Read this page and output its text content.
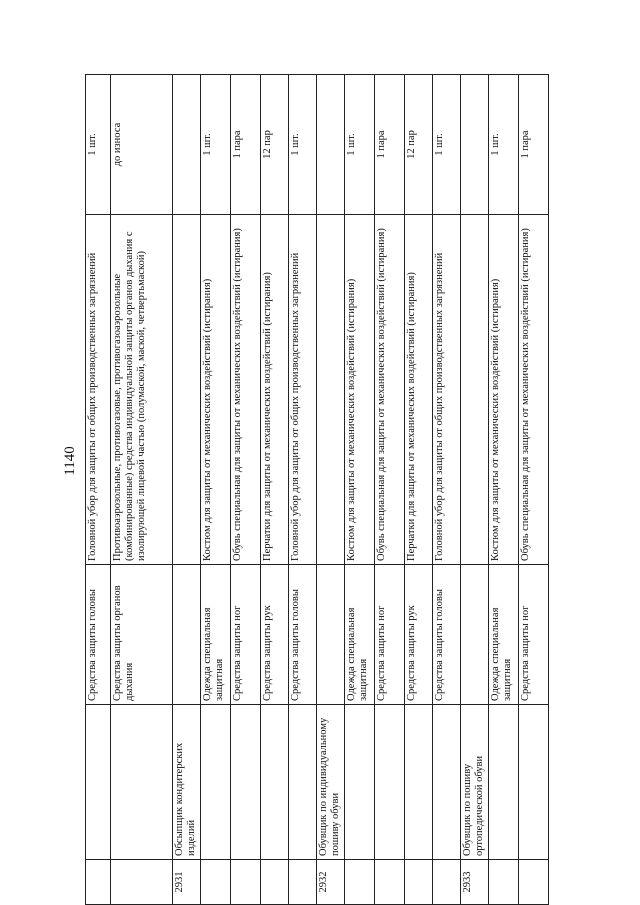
1140
		Средства защиты головы	Головной убор для защиты от общих производственных загрязнений	1 шт.
		Средства защиты органов дыхания	Противоаэрозольные, противогазовые, противогазоаэрозольные (комбинированные) средства индивидуальной защиты органов дыхания с изолирующей лицевой частью (полумаской, маской, четвертьмаской)	до износа
2931	Обсыпщик кондитерских изделий			
		Одежда специальная защитная	Костюм для защиты от механических воздействий (истирания)	1 шт.
		Средства защиты ног	Обувь специальная для защиты от механических воздействий (истирания)	1 пара
		Средства защиты рук	Перчатки для защиты от механических воздействий (истирания)	12 пар
		Средства защиты головы	Головной убор для защиты от общих производственных загрязнений	1 шт.
2932	Обувщик по индивидуальному пошиву обуви			
		Одежда специальная защитная	Костюм для защиты от механических воздействий (истирания)	1 шт.
		Средства защиты ног	Обувь специальная для защиты от механических воздействий (истирания)	1 пара
		Средства защиты рук	Перчатки для защиты от механических воздействий (истирания)	12 пар
		Средства защиты головы	Головной убор для защиты от общих производственных загрязнений	1 шт.
2933	Обувщик по пошиву ортопедической обуви			
		Одежда специальная защитная	Костюм для защиты от механических воздействий (истирания)	1 шт.
		Средства защиты ног	Обувь специальная для защиты от механических воздействий (истирания)	1 пара
